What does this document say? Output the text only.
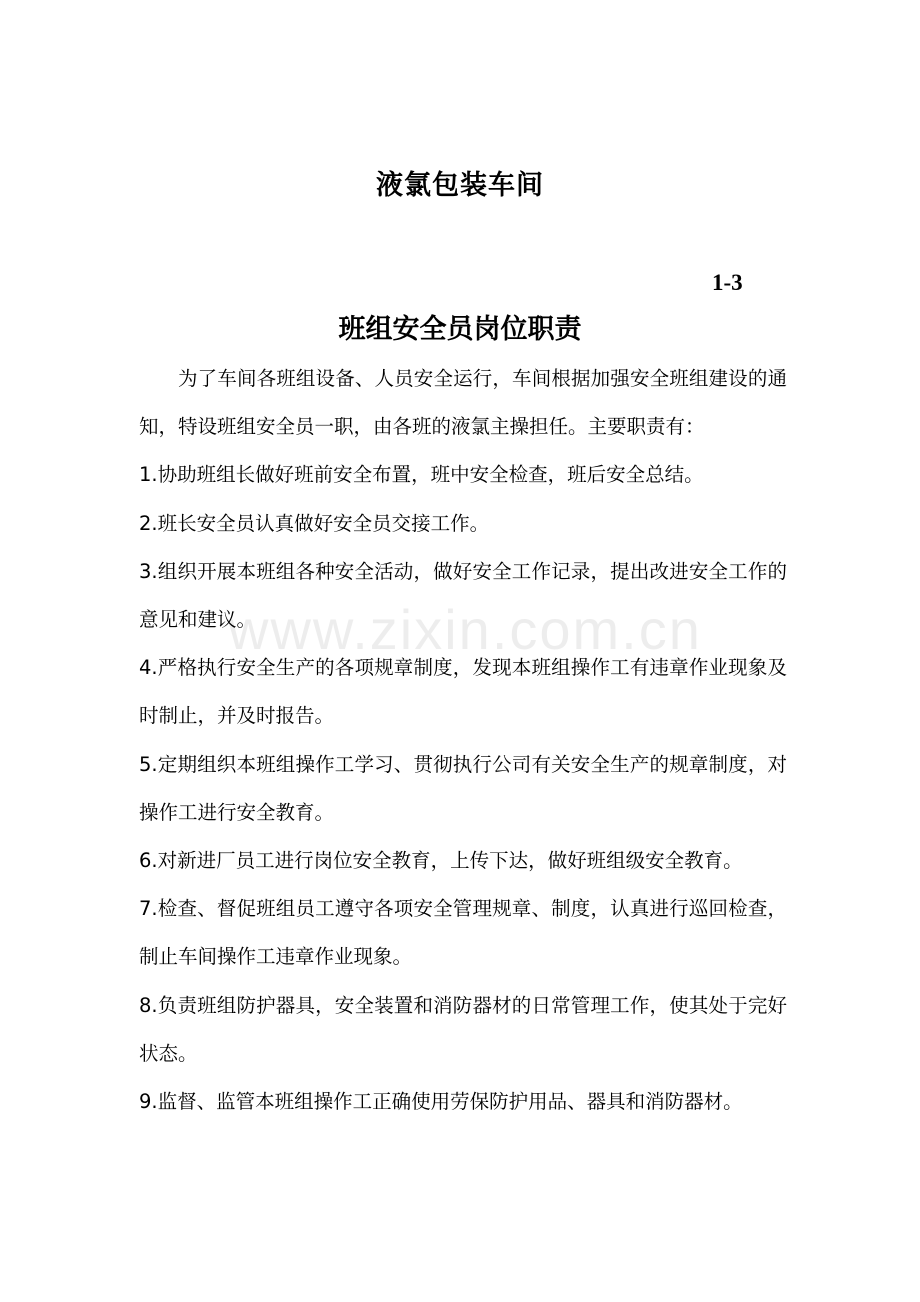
液氯包装车间
1-3
班组安全员岗位职责

为了车间各班组设备、人员安全运行，车间根据加强安全班组建设的通知，特设班组安全员一职，由各班的液氯主操担任。主要职责有：

1.协助班组长做好班前安全布置，班中安全检查，班后安全总结。

2.班长安全员认真做好安全员交接工作。

3.组织开展本班组各种安全活动，做好安全工作记录，提出改进安全工作的意见和建议。

4.严格执行安全生产的各项规章制度，发现本班组操作工有违章作业现象及时制止，并及时报告。

5.定期组织本班组操作工学习、贯彻执行公司有关安全生产的规章制度，对操作工进行安全教育。

6.对新进厂员工进行岗位安全教育，上传下达，做好班组级安全教育。

7.检查、督促班组员工遵守各项安全管理规章、制度，认真进行巡回检查，制止车间操作工违章作业现象。

8.负责班组防护器具，安全装置和消防器材的日常管理工作，使其处于完好状态。

9.监督、监管本班组操作工正确使用劳保防护用品、器具和消防器材。

www.zixin.com.cn
